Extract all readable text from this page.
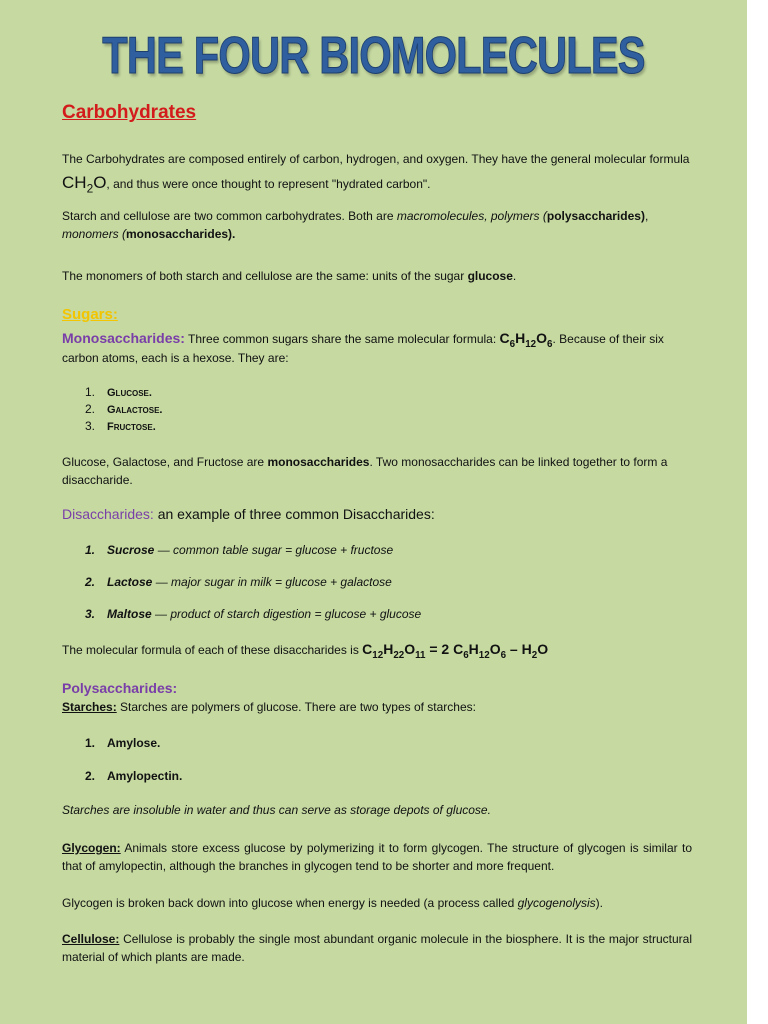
THE FOUR BIOMOLECULES
Carbohydrates
The Carbohydrates are composed entirely of carbon, hydrogen, and oxygen. They have the general molecular formula $CH_2O$, and thus were once thought to represent "hydrated carbon".
Starch and cellulose are two common carbohydrates. Both are macromolecules, polymers (polysaccharides),
monomers (monosaccharides).
The monomers of both starch and cellulose are the same: units of the sugar glucose.
Sugars:
Monosaccharides: Three common sugars share the same molecular formula: $C_6H_{12}O_6$. Because of their six carbon atoms, each is a hexose. They are:
1. Glucose.
2. Galactose.
3. Fructose.
Glucose, Galactose, and Fructose are monosaccharides. Two monosaccharides can be linked together to form a disaccharide.
Disaccharides: an example of three common Disaccharides:
1. Sucrose — common table sugar = glucose + fructose
2. Lactose — major sugar in milk = glucose + galactose
3. Maltose — product of starch digestion = glucose + glucose
The molecular formula of each of these disaccharides is $C_{12}H_{22}O_{11} = 2$ $C_6H_{12}O_6 - H_2O$
Polysaccharides:
Starches: Starches are polymers of glucose. There are two types of starches:
1. Amylose.
2. Amylopectin.
Starches are insoluble in water and thus can serve as storage depots of glucose.
Glycogen: Animals store excess glucose by polymerizing it to form glycogen. The structure of glycogen is similar to that of amylopectin, although the branches in glycogen tend to be shorter and more frequent.
Glycogen is broken back down into glucose when energy is needed (a process called glycogenolysis).
Cellulose: Cellulose is probably the single most abundant organic molecule in the biosphere. It is the major structural material of which plants are made.
